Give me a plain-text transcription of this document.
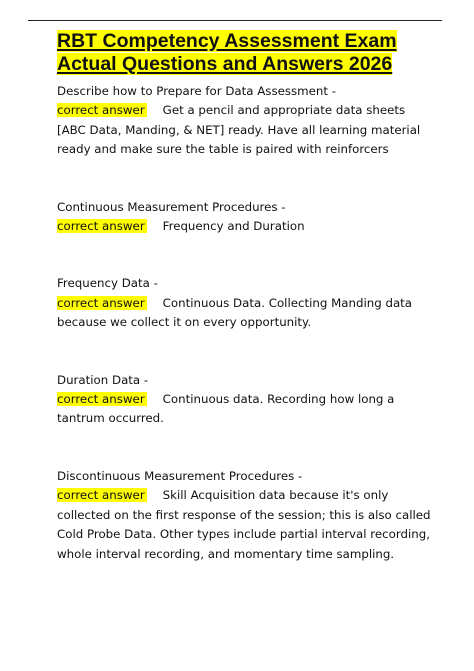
RBT Competency Assessment Exam
Actual Questions and Answers 2026
Describe how to Prepare for Data Assessment -
correct answer Get a pencil and appropriate data sheets [ABC Data, Manding, & NET] ready. Have all learning material ready and make sure the table is paired with reinforcers
Continuous Measurement Procedures -
correct answer Frequency and Duration
Frequency Data -
correct answer Continuous Data. Collecting Manding data because we collect it on every opportunity.
Duration Data -
correct answer Continuous data. Recording how long a tantrum occurred.
Discontinuous Measurement Procedures -
correct answer Skill Acquisition data because it's only collected on the first response of the session; this is also called Cold Probe Data. Other types include partial interval recording, whole interval recording, and momentary time sampling.
